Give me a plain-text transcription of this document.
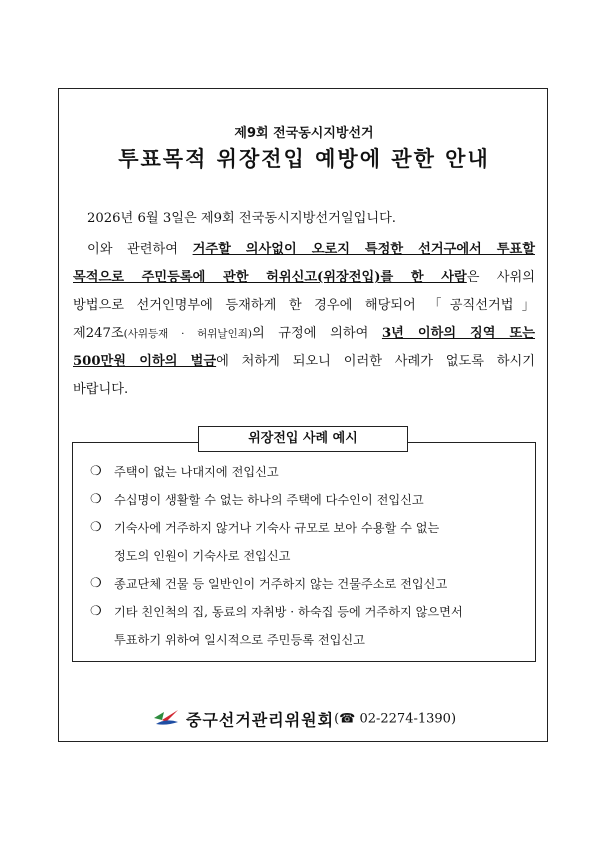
제9회 전국동시지방선거
투표목적 위장전입 예방에 관한 안내
2026년 6월 3일은 제9회 전국동시지방선거일입니다.
이와 관련하여 거주할 의사없이 오로지 특정한 선거구에서 투표할
목적으로 주민등록에 관한 허위신고(위장전입)를 한 사람은 사위의
방법으로 선거인명부에 등재하게 한 경우에 해당되어 「공직선거법」
제247조(사위등재 · 허위날인죄)의 규정에 의하여 3년 이하의 징역 또는
500만원 이하의 벌금에 처하게 되오니 이러한 사례가 없도록 하시기
바랍니다.
위장전입 사례 예시
❍ 주택이 없는 나대지에 전입신고
❍ 수십명이 생활할 수 없는 하나의 주택에 다수인이 전입신고
❍ 기숙사에 거주하지 않거나 기숙사 규모로 보아 수용할 수 없는
정도의 인원이 기숙사로 전입신고
❍ 종교단체 건물 등 일반인이 거주하지 않는 건물주소로 전입신고
❍ 기타 친인척의 집, 동료의 자취방 · 하숙집 등에 거주하지 않으면서
투표하기 위하여 일시적으로 주민등록 전입신고
중구선거관리위원회(☎ 02-2274-1390)
